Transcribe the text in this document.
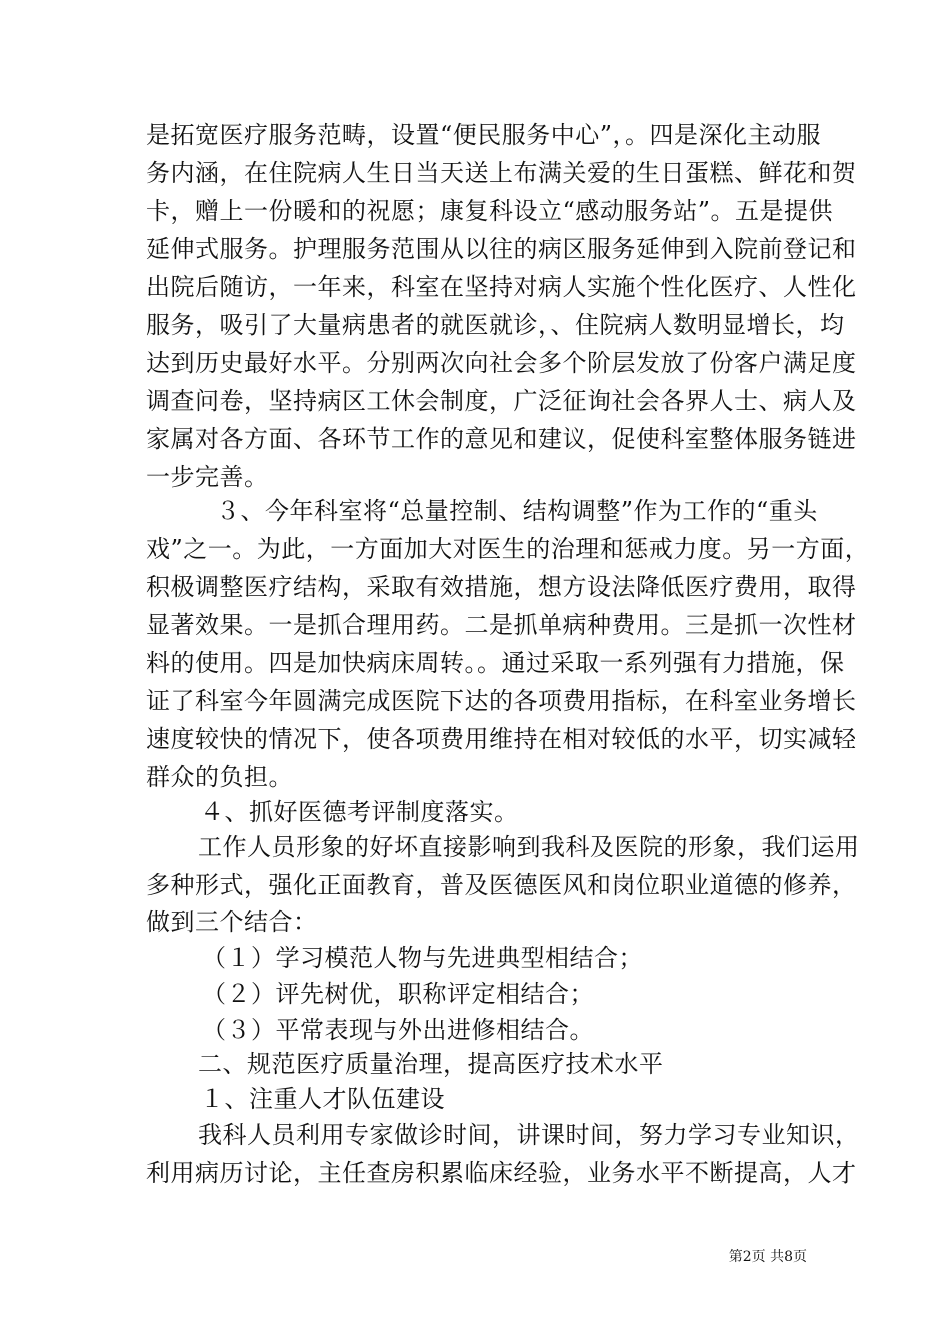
是拓宽医疗服务范畴，设置“便民服务中心”，。四是深化主动服
务内涵，在住院病人生日当天送上布满关爱的生日蛋糕、鲜花和贺
卡，赠上一份暖和的祝愿；康复科设立“感动服务站”。五是提供
延伸式服务。护理服务范围从以往的病区服务延伸到入院前登记和
出院后随访，一年来，科室在坚持对病人实施个性化医疗、人性化
服务，吸引了大量病患者的就医就诊，、住院病人数明显增长，均
达到历史最好水平。分别两次向社会多个阶层发放了份客户满足度
调查问卷，坚持病区工休会制度，广泛征询社会各界人士、病人及
家属对各方面、各环节工作的意见和建议，促使科室整体服务链进
一步完善。
３、今年科室将“总量控制、结构调整”作为工作的“重头
戏”之一。为此，一方面加大对医生的治理和惩戒力度。另一方面，
积极调整医疗结构，采取有效措施，想方设法降低医疗费用，取得
显著效果。一是抓合理用药。二是抓单病种费用。三是抓一次性材
料的使用。四是加快病床周转。。通过采取一系列强有力措施，保
证了科室今年圆满完成医院下达的各项费用指标，在科室业务增长
速度较快的情况下，使各项费用维持在相对较低的水平，切实减轻
群众的负担。
４、抓好医德考评制度落实。
工作人员形象的好坏直接影响到我科及医院的形象，我们运用
多种形式，强化正面教育，普及医德医风和岗位职业道德的修养，
做到三个结合：
（１）学习模范人物与先进典型相结合；
（２）评先树优，职称评定相结合；
（３）平常表现与外出进修相结合。
二、规范医疗质量治理，提高医疗技术水平
１、注重人才队伍建设
我科人员利用专家做诊时间，讲课时间，努力学习专业知识，
利用病历讨论，主任查房积累临床经验，业务水平不断提高，人才
第2页 共8页
